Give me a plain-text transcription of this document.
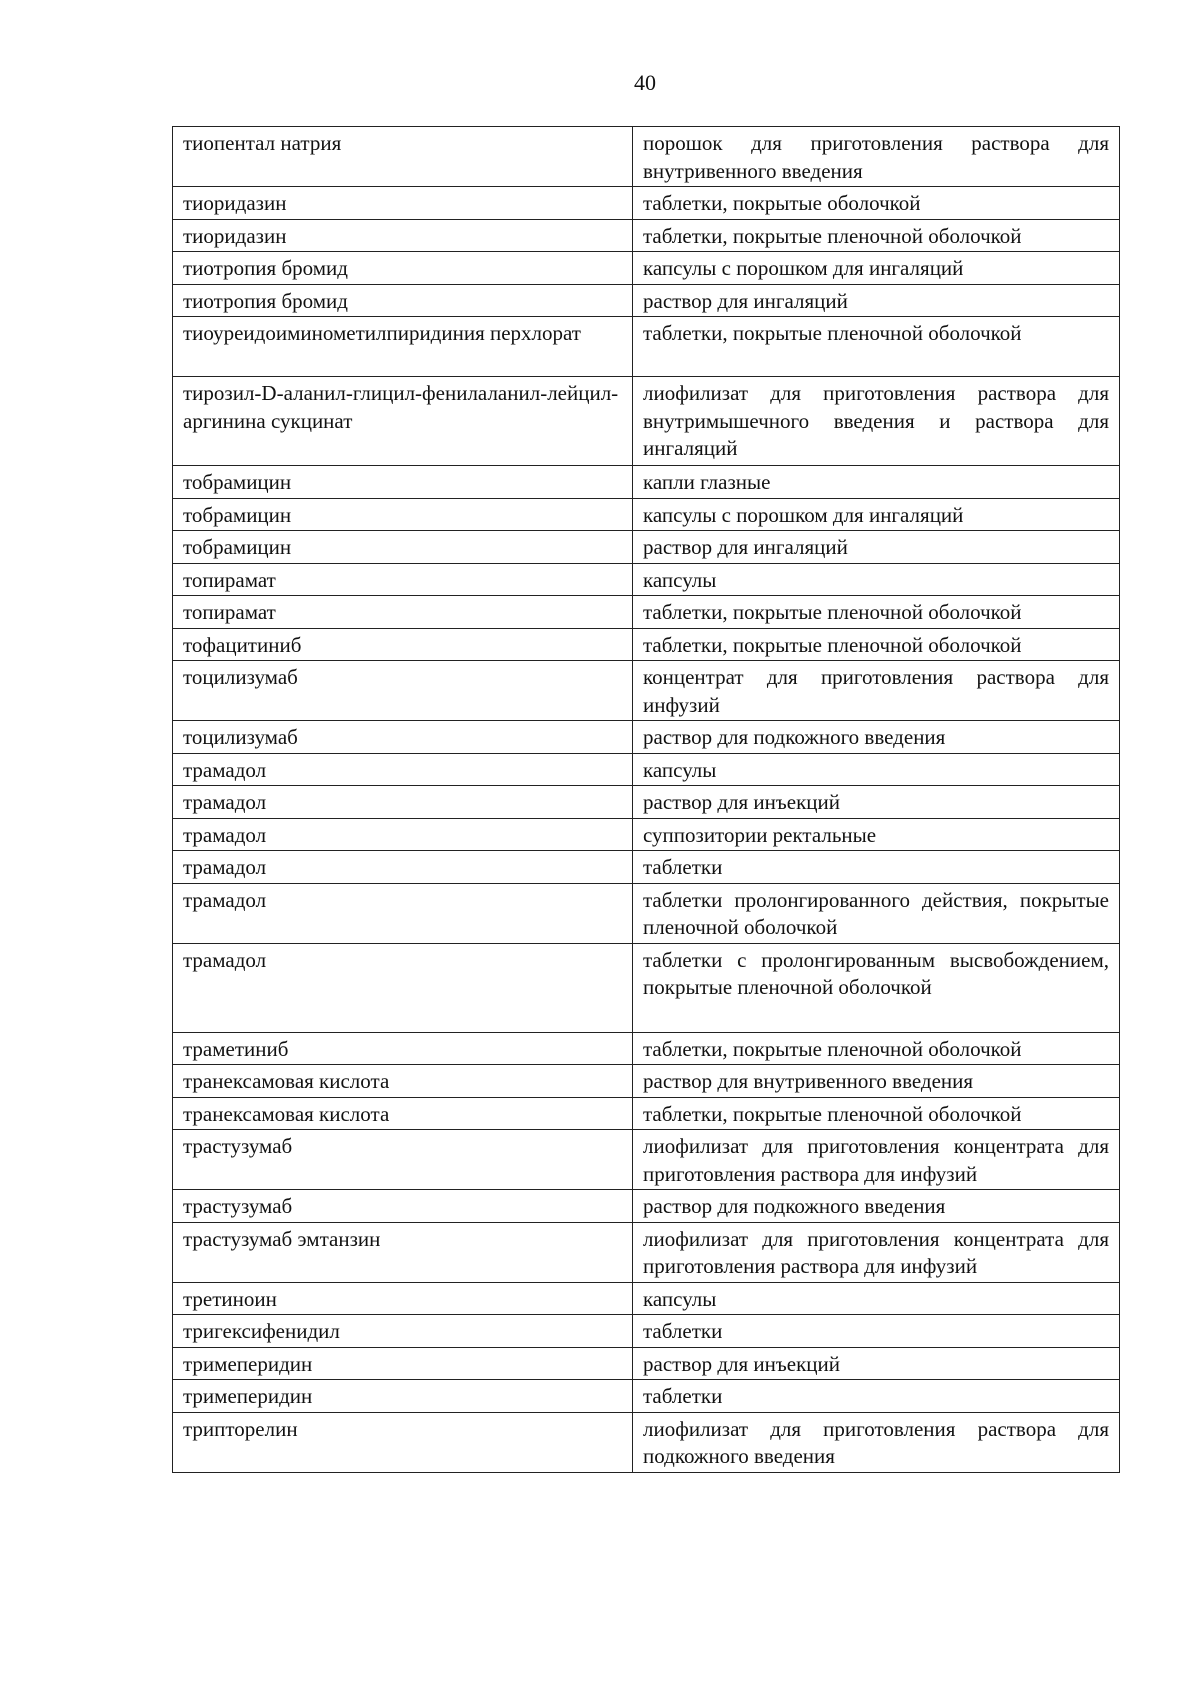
40
тиопентал натрия	порошок для приготовления раствора для внутривенного введения
тиоридазин	таблетки, покрытые оболочкой
тиоридазин	таблетки, покрытые пленочной оболочкой
тиотропия бромид	капсулы с порошком для ингаляций
тиотропия бромид	раствор для ингаляций
тиоуреидоиминометилпиридиния перхлорат	таблетки, покрытые пленочной оболочкой
тирозил-D-аланил-глицил-фенилаланил-лейцил-аргинина сукцинат	лиофилизат для приготовления раствора для внутримышечного введения и раствора для ингаляций
тобрамицин	капли глазные
тобрамицин	капсулы с порошком для ингаляций
тобрамицин	раствор для ингаляций
топирамат	капсулы
топирамат	таблетки, покрытые пленочной оболочкой
тофацитиниб	таблетки, покрытые пленочной оболочкой
тоцилизумаб	концентрат для приготовления раствора для инфузий
тоцилизумаб	раствор для подкожного введения
трамадол	капсулы
трамадол	раствор для инъекций
трамадол	суппозитории ректальные
трамадол	таблетки
трамадол	таблетки пролонгированного действия, покрытые пленочной оболочкой
трамадол	таблетки с пролонгированным высвобождением, покрытые пленочной оболочкой
траметиниб	таблетки, покрытые пленочной оболочкой
транексамовая кислота	раствор для внутривенного введения
транексамовая кислота	таблетки, покрытые пленочной оболочкой
трастузумаб	лиофилизат для приготовления концентрата для приготовления раствора для инфузий
трастузумаб	раствор для подкожного введения
трастузумаб эмтанзин	лиофилизат для приготовления концентрата для приготовления раствора для инфузий
третиноин	капсулы
тригексифенидил	таблетки
тримеперидин	раствор для инъекций
тримеперидин	таблетки
трипторелин	лиофилизат для приготовления раствора для подкожного введения
